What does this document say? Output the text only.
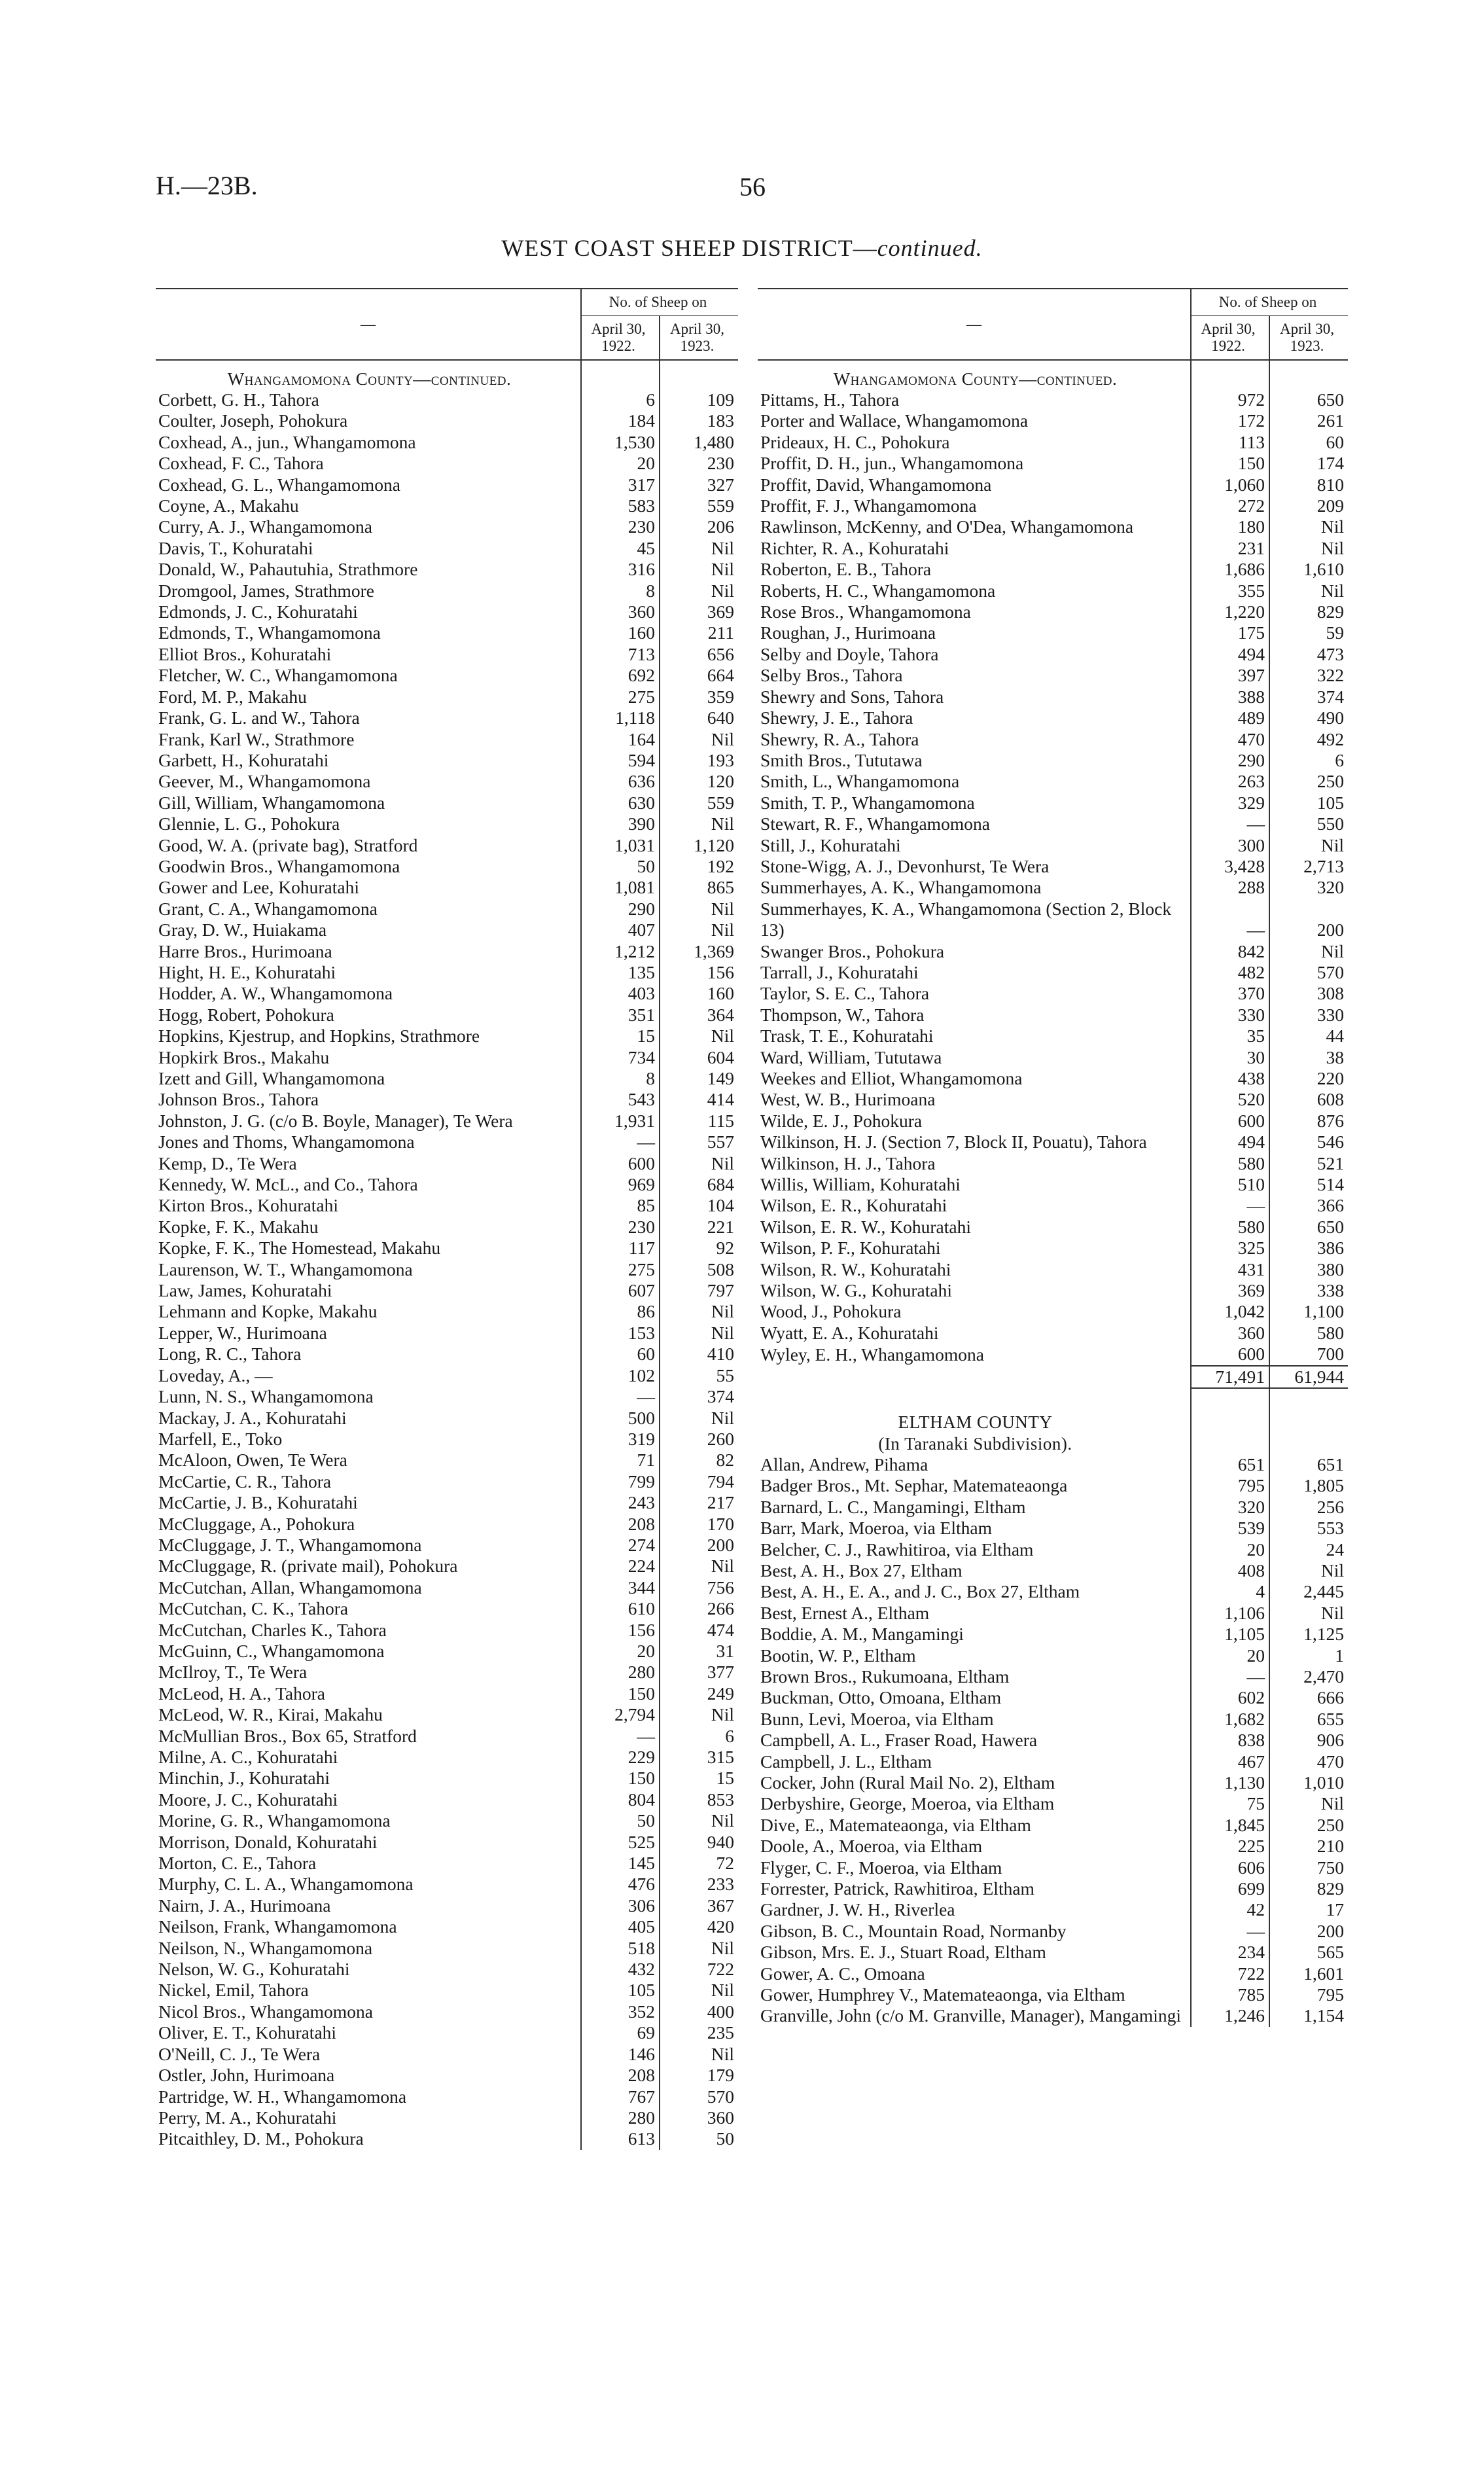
H.—23B.	56
WEST COAST SHEEP DISTRICT—continued.
—	No. of Sheep on	
	April 30, 1922.	April 30, 1923.
Whangamomona County—continued.		
Corbett, G. H., Tahora	6	109
Coulter, Joseph, Pohokura	184	183
Coxhead, A., jun., Whangamomona	1,530	1,480
Coxhead, F. C., Tahora	20	230
Coxhead, G. L., Whangamomona	317	327
Coyne, A., Makahu	583	559
Curry, A. J., Whangamomona	230	206
Davis, T., Kohuratahi	45	Nil
Donald, W., Pahautuhia, Strathmore	316	Nil
Dromgool, James, Strathmore	8	Nil
Edmonds, J. C., Kohuratahi	360	369
Edmonds, T., Whangamomona	160	211
Elliot Bros., Kohuratahi	713	656
Fletcher, W. C., Whangamomona	692	664
Ford, M. P., Makahu	275	359
Frank, G. L. and W., Tahora	1,118	640
Frank, Karl W., Strathmore	164	Nil
Garbett, H., Kohuratahi	594	193
Geever, M., Whangamomona	636	120
Gill, William, Whangamomona	630	559
Glennie, L. G., Pohokura	390	Nil
Good, W. A. (private bag), Stratford	1,031	1,120
Goodwin Bros., Whangamomona	50	192
Gower and Lee, Kohuratahi	1,081	865
Grant, C. A., Whangamomona	290	Nil
Gray, D. W., Huiakama	407	Nil
Harre Bros., Hurimoana	1,212	1,369
Hight, H. E., Kohuratahi	135	156
Hodder, A. W., Whangamomona	403	160
Hogg, Robert, Pohokura	351	364
Hopkins, Kjestrup, and Hopkins, Strathmore	15	Nil
Hopkirk Bros., Makahu	734	604
Izett and Gill, Whangamomona	8	149
Johnson Bros., Tahora	543	414
Johnston, J. G. (c/o B. Boyle, Manager), Te Wera	1,931	115
Jones and Thoms, Whangamomona	—	557
Kemp, D., Te Wera	600	Nil
Kennedy, W. McL., and Co., Tahora	969	684
Kirton Bros., Kohuratahi	85	104
Kopke, F. K., Makahu	230	221
Kopke, F. K., The Homestead, Makahu	117	92
Laurenson, W. T., Whangamomona	275	508
Law, James, Kohuratahi	607	797
Lehmann and Kopke, Makahu	86	Nil
Lepper, W., Hurimoana	153	Nil
Long, R. C., Tahora	60	410
Loveday, A., —	102	55
Lunn, N. S., Whangamomona	—	374
Mackay, J. A., Kohuratahi	500	Nil
Marfell, E., Toko	319	260
McAloon, Owen, Te Wera	71	82
McCartie, C. R., Tahora	799	794
McCartie, J. B., Kohuratahi	243	217
McCluggage, A., Pohokura	208	170
McCluggage, J. T., Whangamomona	274	200
McCluggage, R. (private mail), Pohokura	224	Nil
McCutchan, Allan, Whangamomona	344	756
McCutchan, C. K., Tahora	610	266
McCutchan, Charles K., Tahora	156	474
McGuinn, C., Whangamomona	20	31
McIlroy, T., Te Wera	280	377
McLeod, H. A., Tahora	150	249
McLeod, W. R., Kirai, Makahu	2,794	Nil
McMullian Bros., Box 65, Stratford	—	6
Milne, A. C., Kohuratahi	229	315
Minchin, J., Kohuratahi	150	15
Moore, J. C., Kohuratahi	804	853
Morine, G. R., Whangamomona	50	Nil
Morrison, Donald, Kohuratahi	525	940
Morton, C. E., Tahora	145	72
Murphy, C. L. A., Whangamomona	476	233
Nairn, J. A., Hurimoana	306	367
Neilson, Frank, Whangamomona	405	420
Neilson, N., Whangamomona	518	Nil
Nelson, W. G., Kohuratahi	432	722
Nickel, Emil, Tahora	105	Nil
Nicol Bros., Whangamomona	352	400
Oliver, E. T., Kohuratahi	69	235
O'Neill, C. J., Te Wera	146	Nil
Ostler, John, Hurimoana	208	179
Partridge, W. H., Whangamomona	767	570
Perry, M. A., Kohuratahi	280	360
Pitcaithley, D. M., Pohokura	613	50
—	No. of Sheep on	
	April 30, 1922.	April 30, 1923.
Whangamomona County—continued.		
Pittams, H., Tahora	972	650
Porter and Wallace, Whangamomona	172	261
Prideaux, H. C., Pohokura	113	60
Proffit, D. H., jun., Whangamomona	150	174
Proffit, David, Whangamomona	1,060	810
Proffit, F. J., Whangamomona	272	209
Rawlinson, McKenny, and O'Dea, Whangamomona	180	Nil
Richter, R. A., Kohuratahi	231	Nil
Roberton, E. B., Tahora	1,686	1,610
Roberts, H. C., Whangamomona	355	Nil
Rose Bros., Whangamomona	1,220	829
Roughan, J., Hurimoana	175	59
Selby and Doyle, Tahora	494	473
Selby Bros., Tahora	397	322
Shewry and Sons, Tahora	388	374
Shewry, J. E., Tahora	489	490
Shewry, R. A., Tahora	470	492
Smith Bros., Tututawa	290	6
Smith, L., Whangamomona	263	250
Smith, T. P., Whangamomona	329	105
Stewart, R. F., Whangamomona	—	550
Still, J., Kohuratahi	300	Nil
Stone-Wigg, A. J., Devonhurst, Te Wera	3,428	2,713
Summerhayes, A. K., Whangamomona	288	320
Summerhayes, K. A., Whangamomona (Section 2, Block 13)	—	200
Swanger Bros., Pohokura	842	Nil
Tarrall, J., Kohuratahi	482	570
Taylor, S. E. C., Tahora	370	308
Thompson, W., Tahora	330	330
Trask, T. E., Kohuratahi	35	44
Ward, William, Tututawa	30	38
Weekes and Elliot, Whangamomona	438	220
West, W. B., Hurimoana	520	608
Wilde, E. J., Pohokura	600	876
Wilkinson, H. J. (Section 7, Block II, Pouatu), Tahora	494	546
Wilkinson, H. J., Tahora	580	521
Willis, William, Kohuratahi	510	514
Wilson, E. R., Kohuratahi	—	366
Wilson, E. R. W., Kohuratahi	580	650
Wilson, P. F., Kohuratahi	325	386
Wilson, R. W., Kohuratahi	431	380
Wilson, W. G., Kohuratahi	369	338
Wood, J., Pohokura	1,042	1,100
Wyatt, E. A., Kohuratahi	360	580
Wyley, E. H., Whangamomona	600	700
	71,491	61,944

ELTHAM COUNTY		
(In Taranaki Subdivision).		
Allan, Andrew, Pihama	651	651
Badger Bros., Mt. Sephar, Matemateaonga	795	1,805
Barnard, L. C., Mangamingi, Eltham	320	256
Barr, Mark, Moeroa, via Eltham	539	553
Belcher, C. J., Rawhitiroa, via Eltham	20	24
Best, A. H., Box 27, Eltham	408	Nil
Best, A. H., E. A., and J. C., Box 27, Eltham	4	2,445
Best, Ernest A., Eltham	1,106	Nil
Boddie, A. M., Mangamingi	1,105	1,125
Bootin, W. P., Eltham	20	1
Brown Bros., Rukumoana, Eltham	—	2,470
Buckman, Otto, Omoana, Eltham	602	666
Bunn, Levi, Moeroa, via Eltham	1,682	655
Campbell, A. L., Fraser Road, Hawera	838	906
Campbell, J. L., Eltham	467	470
Cocker, John (Rural Mail No. 2), Eltham	1,130	1,010
Derbyshire, George, Moeroa, via Eltham	75	Nil
Dive, E., Matemateaonga, via Eltham	1,845	250
Doole, A., Moeroa, via Eltham	225	210
Flyger, C. F., Moeroa, via Eltham	606	750
Forrester, Patrick, Rawhitiroa, Eltham	699	829
Gardner, J. W. H., Riverlea	42	17
Gibson, B. C., Mountain Road, Normanby	—	200
Gibson, Mrs. E. J., Stuart Road, Eltham	234	565
Gower, A. C., Omoana	722	1,601
Gower, Humphrey V., Matemateaonga, via Eltham	785	795
Granville, John (c/o M. Granville, Manager), Mangamingi	1,246	1,154
